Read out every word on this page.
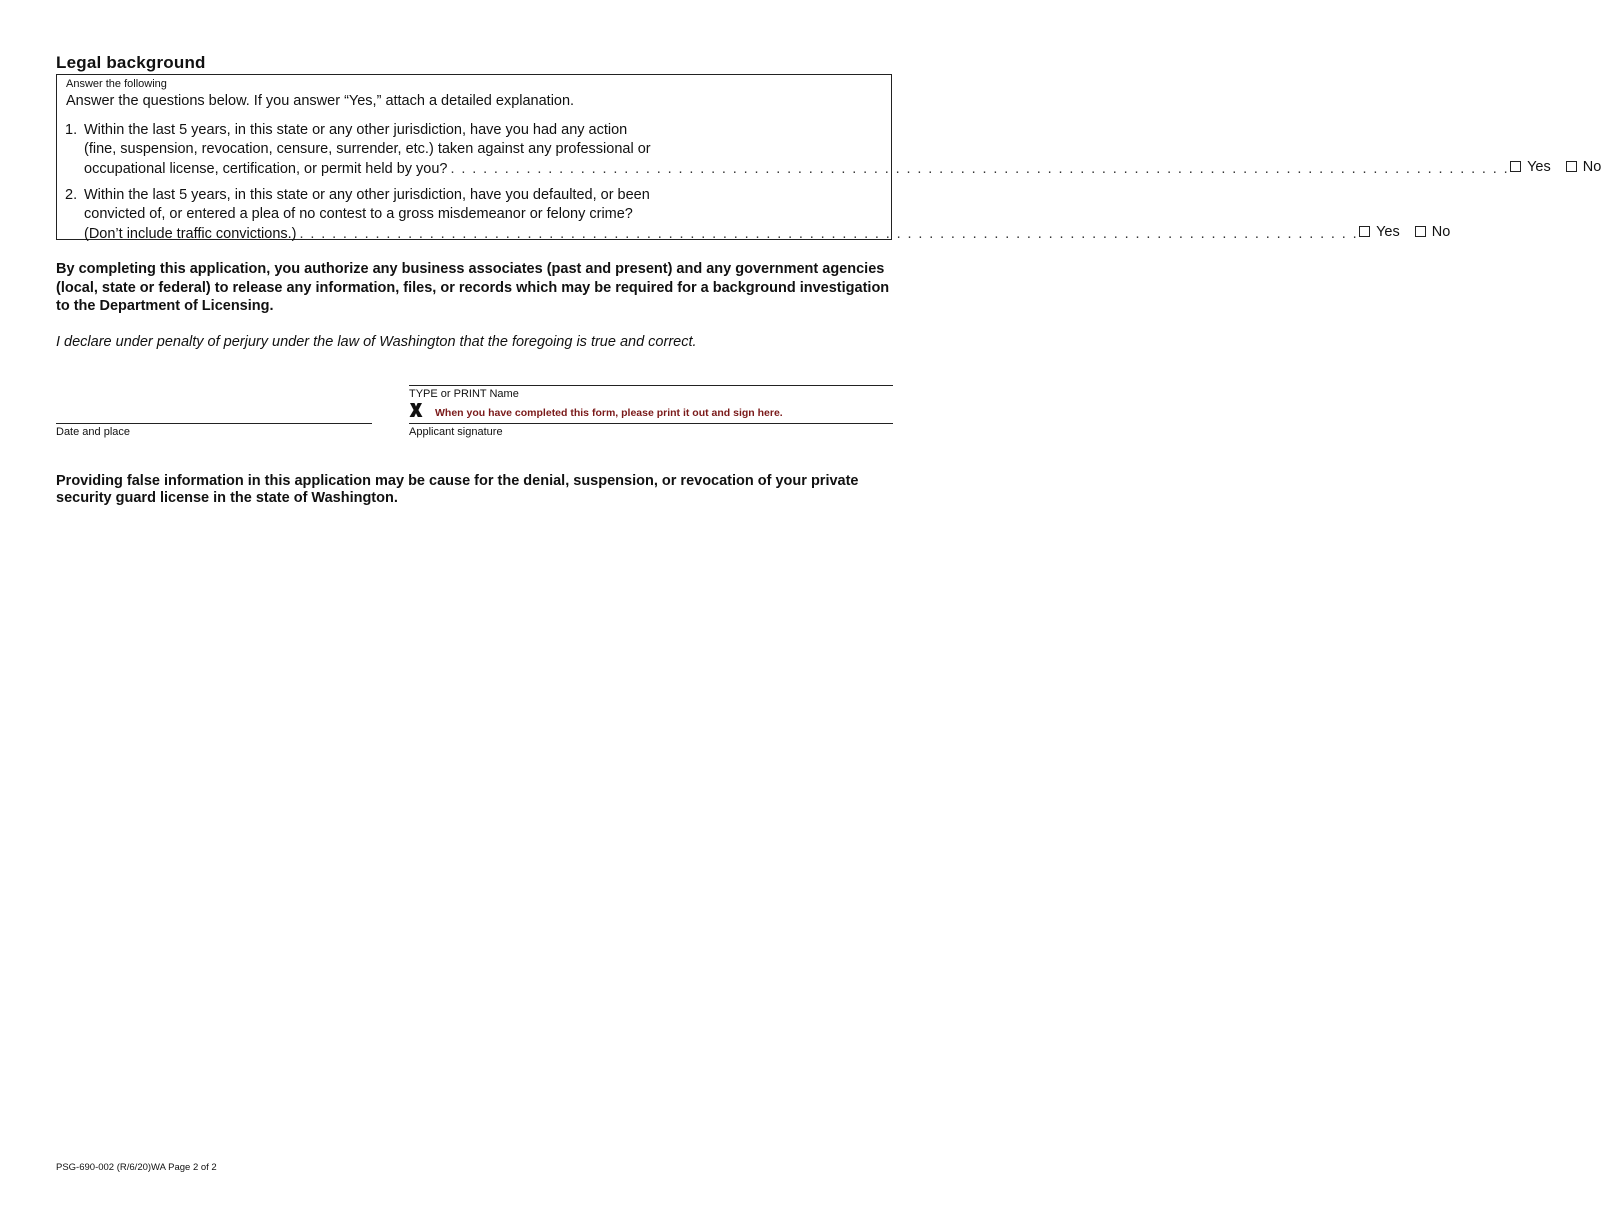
Legal background
Answer the following
Answer the questions below. If you answer “Yes,” attach a detailed explanation.
1. Within the last 5 years, in this state or any other jurisdiction, have you had any action
(fine, suspension, revocation, censure, surrender, etc.) taken against any professional or
occupational license, certification, or permit held by you? . . . . . . . . . . . . . . . . . . . . . . . . . . . . . . . . . . . . . . . . . . . . . . . . . . . . . . . . . . . . . . . . . . . . . . . . . . . . . . . . . . . . . . . . . . . . . . . . . . Yes No
2. Within the last 5 years, in this state or any other jurisdiction, have you defaulted, or been
convicted of, or entered a plea of no contest to a gross misdemeanor or felony crime?
(Don’t include traffic convictions.) . . . . . . . . . . . . . . . . . . . . . . . . . . . . . . . . . . . . . . . . . . . . . . . . . . . . . . . . . . . . . . . . . . . . . . . . . . . . . . . . . . . . . . . . . . . . . . . . . . Yes No
By completing this application, you authorize any business associates (past and present) and any government agencies (local, state or federal) to release any information, files, or records which may be required for a background investigation to the Department of Licensing.
I declare under penalty of perjury under the law of Washington that the foregoing is true and correct.
TYPE or PRINT Name
When you have completed this form, please print it out and sign here.
Date and place	Applicant signature
Providing false information in this application may be cause for the denial, suspension, or revocation of your private security guard license in the state of Washington.
PSG-690-002 (R/6/20)WA Page 2 of 2
